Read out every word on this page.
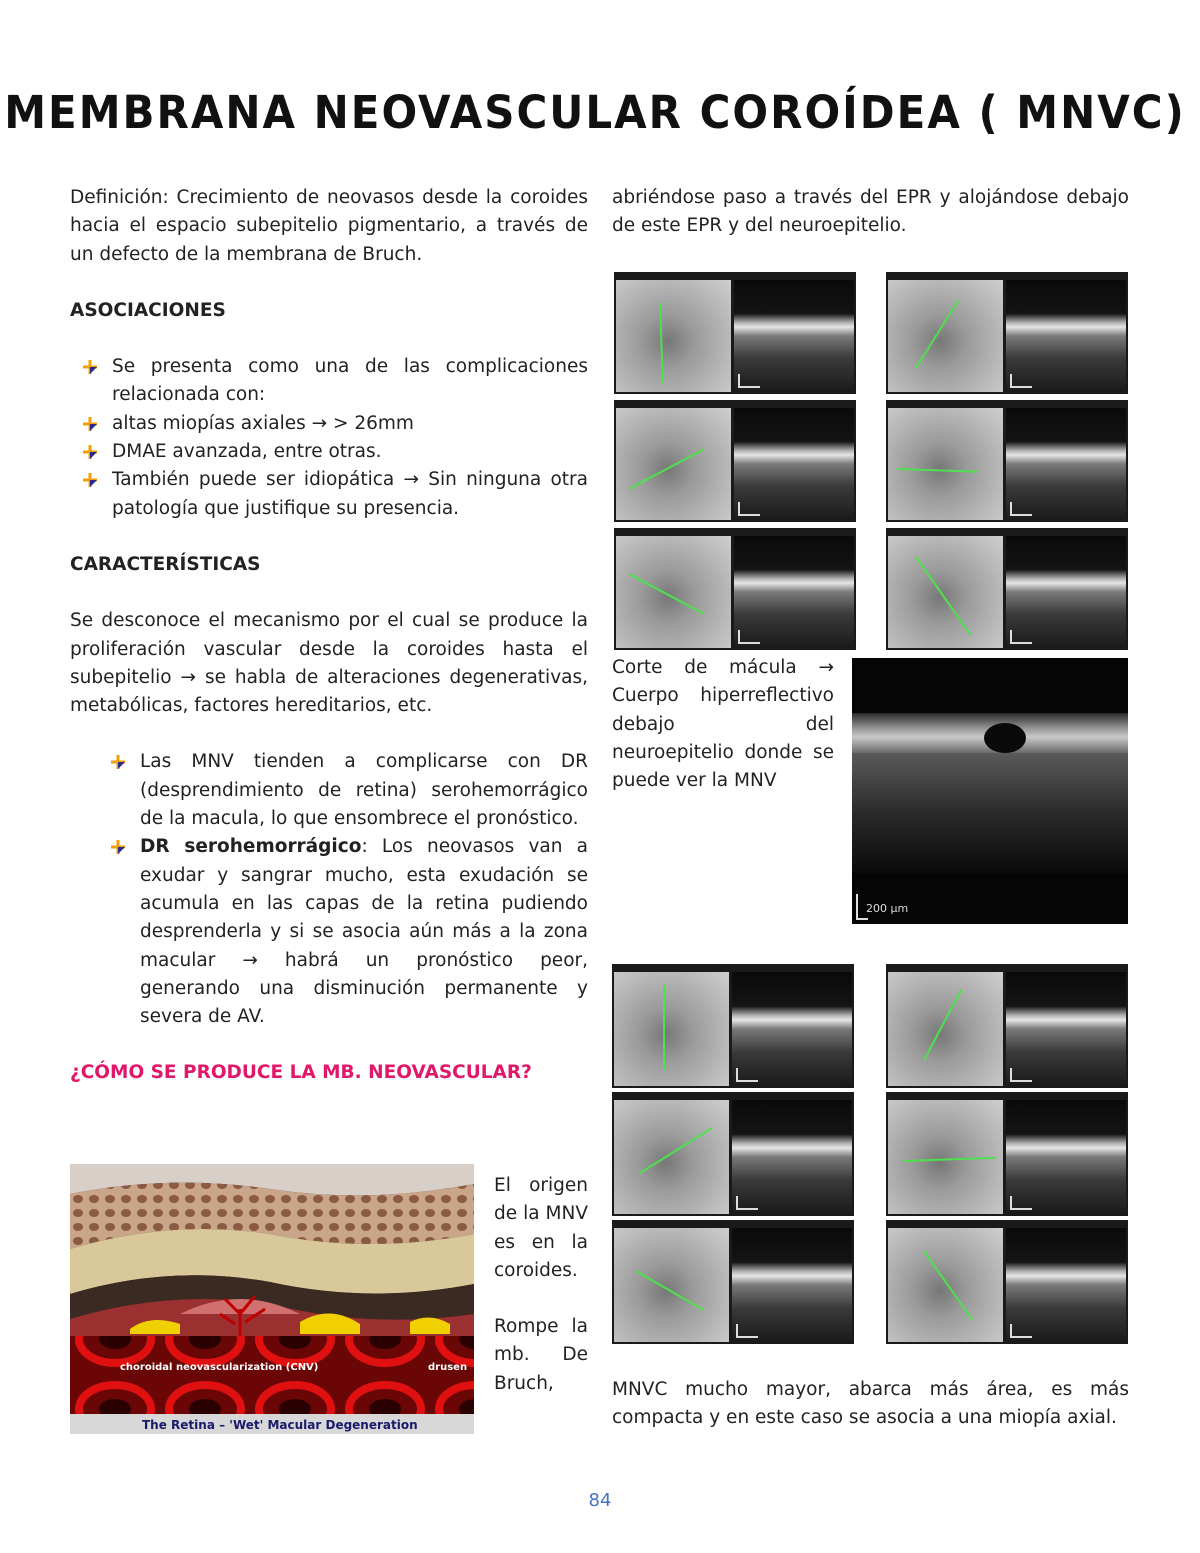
MEMBRANA NEOVASCULAR COROÍDEA ( MNVC)

Definición: Crecimiento de neovasos desde la coroides hacia el espacio subepitelio pigmentario, a través de un defecto de la membrana de Bruch.

ASOCIACIONES

Se presenta como una de las complicaciones relacionada con:
altas miopías axiales → > 26mm
DMAE avanzada, entre otras.
También puede ser idiopática → Sin ninguna otra patología que justifique su presencia.

CARACTERÍSTICAS

Se desconoce el mecanismo por el cual se produce la proliferación vascular desde la coroides hasta el subepitelio → se habla de alteraciones degenerativas, metabólicas, factores hereditarios, etc.

Las MNV tienden a complicarse con DR (desprendimiento de retina) serohemorrágico de la macula, lo que ensombrece el pronóstico.
DR serohemorrágico: Los neovasos van a exudar y sangrar mucho, esta exudación se acumula en las capas de la retina pudiendo desprenderla y si se asocia aún más a la zona macular → habrá un pronóstico peor, generando una disminución permanente y severa de AV.

¿CÓMO SE PRODUCE LA MB. NEOVASCULAR?

choroidal neovascularization (CNV)	drusen
The Retina – 'Wet' Macular Degeneration

El origen de la MNV es en la coroides.

Rompe la mb. De Bruch,

abriéndose paso a través del EPR y alojándose debajo de este EPR y del neuroepitelio.
Corte de mácula → Cuerpo hiperreflectivo debajo del neuroepitelio donde se puede ver la MNV
200 µm
MNVC mucho mayor, abarca más área, es más compacta y en este caso se asocia a una miopía axial.
84
